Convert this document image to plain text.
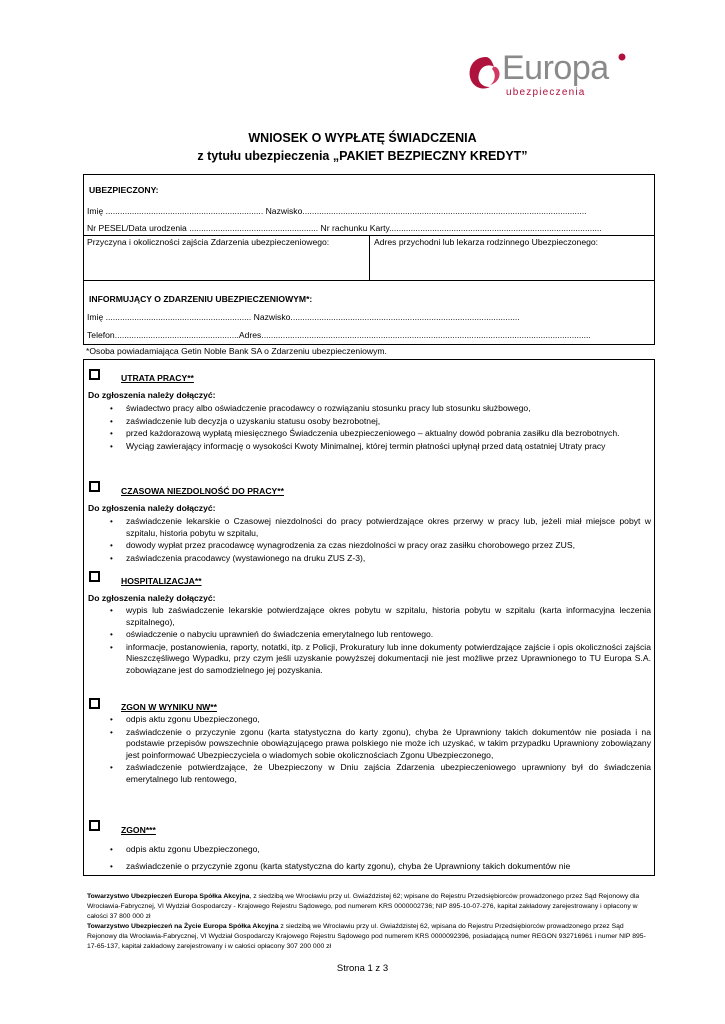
Europa
ubezpieczenia
WNIOSEK O WYPŁATĘ ŚWIADCZENIA
z tytułu ubezpieczenia „PAKIET BEZPIECZNY KREDYT”
UBEZPIECZONY:
Imię .................................................................. Nazwisko.......................................................................................................................
Nr PESEL/Data urodzenia ...................................................... Nr rachunku Karty.........................................................................................
Przyczyna i okoliczności zajścia Zdarzenia ubezpieczeniowego:	Adres przychodni lub lekarza rodzinnego Ubezpieczonego:
INFORMUJĄCY O ZDARZENIU UBEZPIECZENIOWYM*:
Imię ............................................................. Nazwisko................................................................................................
Telefon....................................................Adres..........................................................................................................................................
*Osoba powiadamiająca Getin Noble Bank SA o Zdarzeniu ubezpieczeniowym.
UTRATA PRACY**
Do zgłoszenia należy dołączyć:
• świadectwo pracy albo oświadczenie pracodawcy o rozwiązaniu stosunku pracy lub stosunku służbowego,
• zaświadczenie lub decyzja o uzyskaniu statusu osoby bezrobotnej,
• przed każdorazową wypłatą miesięcznego Świadczenia ubezpieczeniowego – aktualny dowód pobrania zasiłku dla bezrobotnych.
• Wyciąg zawierający informację o wysokości Kwoty Minimalnej, której termin płatności upłynął przed datą ostatniej Utraty pracy
CZASOWA NIEZDOLNOŚĆ DO PRACY**
Do zgłoszenia należy dołączyć:
• zaświadczenie lekarskie o Czasowej niezdolności do pracy potwierdzające okres przerwy w pracy lub, jeżeli miał miejsce pobyt w szpitalu, historia pobytu w szpitalu,
• dowody wypłat przez pracodawcę wynagrodzenia za czas niezdolności w pracy oraz zasiłku chorobowego przez ZUS,
• zaświadczenia pracodawcy (wystawionego na druku ZUS Z-3),
HOSPITALIZACJA**
Do zgłoszenia należy dołączyć:
• wypis lub zaświadczenie lekarskie potwierdzające okres pobytu w szpitalu, historia pobytu w szpitalu (karta informacyjna leczenia szpitalnego),
• oświadczenie o nabyciu uprawnień do świadczenia emerytalnego lub rentowego.
• informacje, postanowienia, raporty, notatki, itp. z Policji, Prokuratury lub inne dokumenty potwierdzające zajście i opis okoliczności zajścia Nieszczęśliwego Wypadku, przy czym jeśli uzyskanie powyższej dokumentacji nie jest możliwe przez Uprawnionego to TU Europa S.A. zobowiązane jest do samodzielnego jej pozyskania.
ZGON W WYNIKU NW**
• odpis aktu zgonu Ubezpieczonego,
• zaświadczenie o przyczynie zgonu (karta statystyczna do karty zgonu), chyba że Uprawniony takich dokumentów nie posiada i na podstawie przepisów powszechnie obowiązującego prawa polskiego nie może ich uzyskać, w takim przypadku Uprawniony zobowiązany jest poinformować Ubezpieczyciela o wiadomych sobie okolicznościach Zgonu Ubezpieczonego,
• zaświadczenie potwierdzające, że Ubezpieczony w Dniu zajścia Zdarzenia ubezpieczeniowego uprawniony był do świadczenia emerytalnego lub rentowego,
ZGON***
• odpis aktu zgonu Ubezpieczonego,
• zaświadczenie o przyczynie zgonu (karta statystyczna do karty zgonu), chyba że Uprawniony takich dokumentów nie
Towarzystwo Ubezpieczeń Europa Spółka Akcyjna, z siedzibą we Wrocławiu przy ul. Gwiaździstej 62; wpisane do Rejestru Przedsiębiorców prowadzonego przez Sąd Rejonowy dla Wrocławia-Fabrycznej, VI Wydział Gospodarczy - Krajowego Rejestru Sądowego, pod numerem KRS 0000002736; NIP 895-10-07-276, kapitał zakładowy zarejestrowany i opłacony w całości 37 800 000 zł
Towarzystwo Ubezpieczeń na Życie Europa Spółka Akcyjna z siedzibą we Wrocławiu przy ul. Gwiaździstej 62, wpisana do Rejestru Przedsiębiorców prowadzonego przez Sąd Rejonowy dla Wrocławia-Fabrycznej, VI Wydział Gospodarczy Krajowego Rejestru Sądowego pod numerem KRS 0000092396, posiadającą numer REGON 932716961 i numer NIP 895-17-65-137, kapitał zakładowy zarejestrowany i w całości opłacony 307 200 000 zł
Strona 1 z 3
